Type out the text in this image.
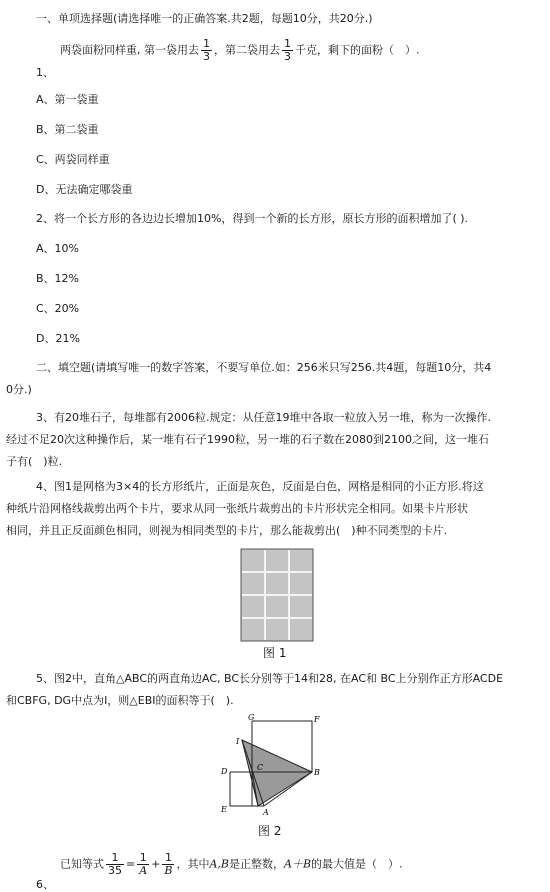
一、单项选择题(请选择唯一的正确答案.共2题，每题10分，共20分.)
两袋面粉同样重, 第一袋用去 $\frac{1}{3}$ ，第二袋用去 $\frac{1}{3}$ 千克，剩下的面粉（　）.
1、
A、第一袋重
B、第二袋重
C、两袋同样重
D、无法确定哪袋重
2、将一个长方形的各边边长增加10%，得到一个新的长方形，原长方形的面积增加了( ).
A、10%
B、12%
C、20%
D、21%
二、填空题(请填写唯一的数字答案，不要写单位.如：256米只写256.共4题，每题10分，共4
0分.)
3、有20堆石子，每堆都有2006粒.规定：从任意19堆中各取一粒放入另一堆，称为一次操作.
经过不足20次这种操作后，某一堆有石子1990粒，另一堆的石子数在2080到2100之间，这一堆石
子有(　)粒.
4、图1是网格为3×4的长方形纸片，正面是灰色，反面是白色，网格是相同的小正方形.将这
种纸片沿网格线裁剪出两个卡片，要求从同一张纸片裁剪出的卡片形状完全相同。如果卡片形状
相同，并且正反面颜色相同，则视为相同类型的卡片，那么能裁剪出(　)种不同类型的卡片.
图 1
5、图2中，直角△ABC的两直角边AC, BC长分别等于14和28, 在AC和 BC上分别作正方形ACDE
和CBFG, DG中点为I，则△EBI的面积等于(　).
G	F
I
D	C
B
E	A
图 2
已知等式 $\frac{1}{35} = \frac{1}{A} + \frac{1}{B}$ ，其中A,B是正整数，A＋B的最大值是（　）.
6、
